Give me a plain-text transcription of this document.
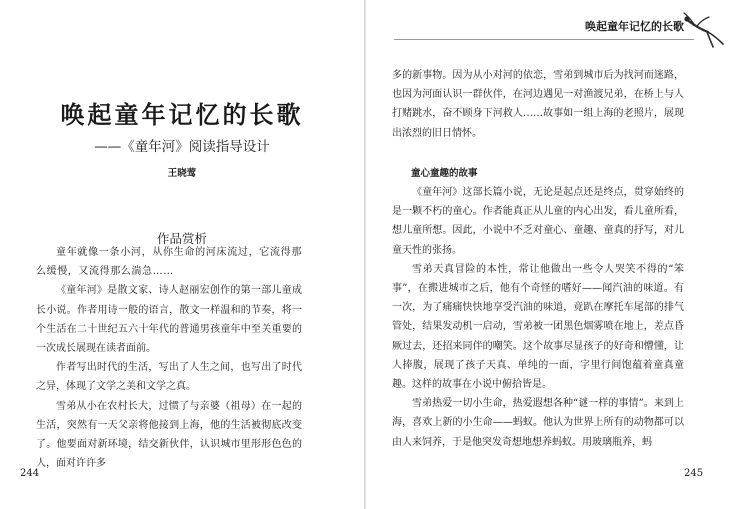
唤起童年记忆的长歌

——《童年河》阅读指导设计

王晓莺

作品赏析

童年就像一条小河，从你生命的河床流过，它流得那么缓慢，又流得那么湍急……

《童年河》是散文家、诗人赵丽宏创作的第一部儿童成长小说。作者用诗一般的语言，散文一样温和的节奏，将一个生活在二十世纪五六十年代的普通男孩童年中至关重要的一次成长展现在读者面前。

作者写出时代的生活，写出了人生之间，也写出了时代之异，体现了文学之美和文学之真。

雪弟从小在农村长大，过惯了与亲婆（祖母）在一起的生活，突然有一天父亲将他接到上海，他的生活被彻底改变了。他要面对新环境，结交新伙伴，认识城市里形形色色的人，面对许许多

244

唤起童年记忆的长歌

多的新事物。因为从小对河的依恋，雪弟到城市后为找河而迷路，也因为河面认识一群伙伴，在河边遇见一对渔渡兄弟，在桥上与人打赌跳水，奋不顾身下河救人……故事如一组上海的老照片，展现出浓烈的旧日情怀。

童心童趣的故事

《童年河》这部长篇小说，无论是起点还是终点，贯穿始终的是一颗不朽的童心。作者能真正从儿童的内心出发，看儿童所看，想儿童所想。因此，小说中不乏对童心、童趣、童真的抒写，对儿童天性的张扬。

雪弟天真冒险的本性，常让他做出一些令人哭笑不得的“笨事”，在搬进城市之后，他有个奇怪的嗜好——闻汽油的味道。有一次，为了痛痛快快地享受汽油的味道，竟趴在摩托车尾部的排气管处，结果发动机一启动，雪弟被一团黑色烟雾喷在地上，差点昏厥过去，还招来同伴的嘲笑。这个故事尽显孩子的好奇和懵懂，让人捧腹，展现了孩子天真、单纯的一面，字里行间饱蕴着童真童趣。这样的故事在小说中俯拾皆是。

雪弟热爱一切小生命，热爱遐想各种“谜一样的事情”。来到上海，喜欢上新的小生命——蚂蚁。他认为世界上所有的动物都可以由人来饲养，于是他突发奇想地想养蚂蚁。用玻璃瓶养，蚂

245
